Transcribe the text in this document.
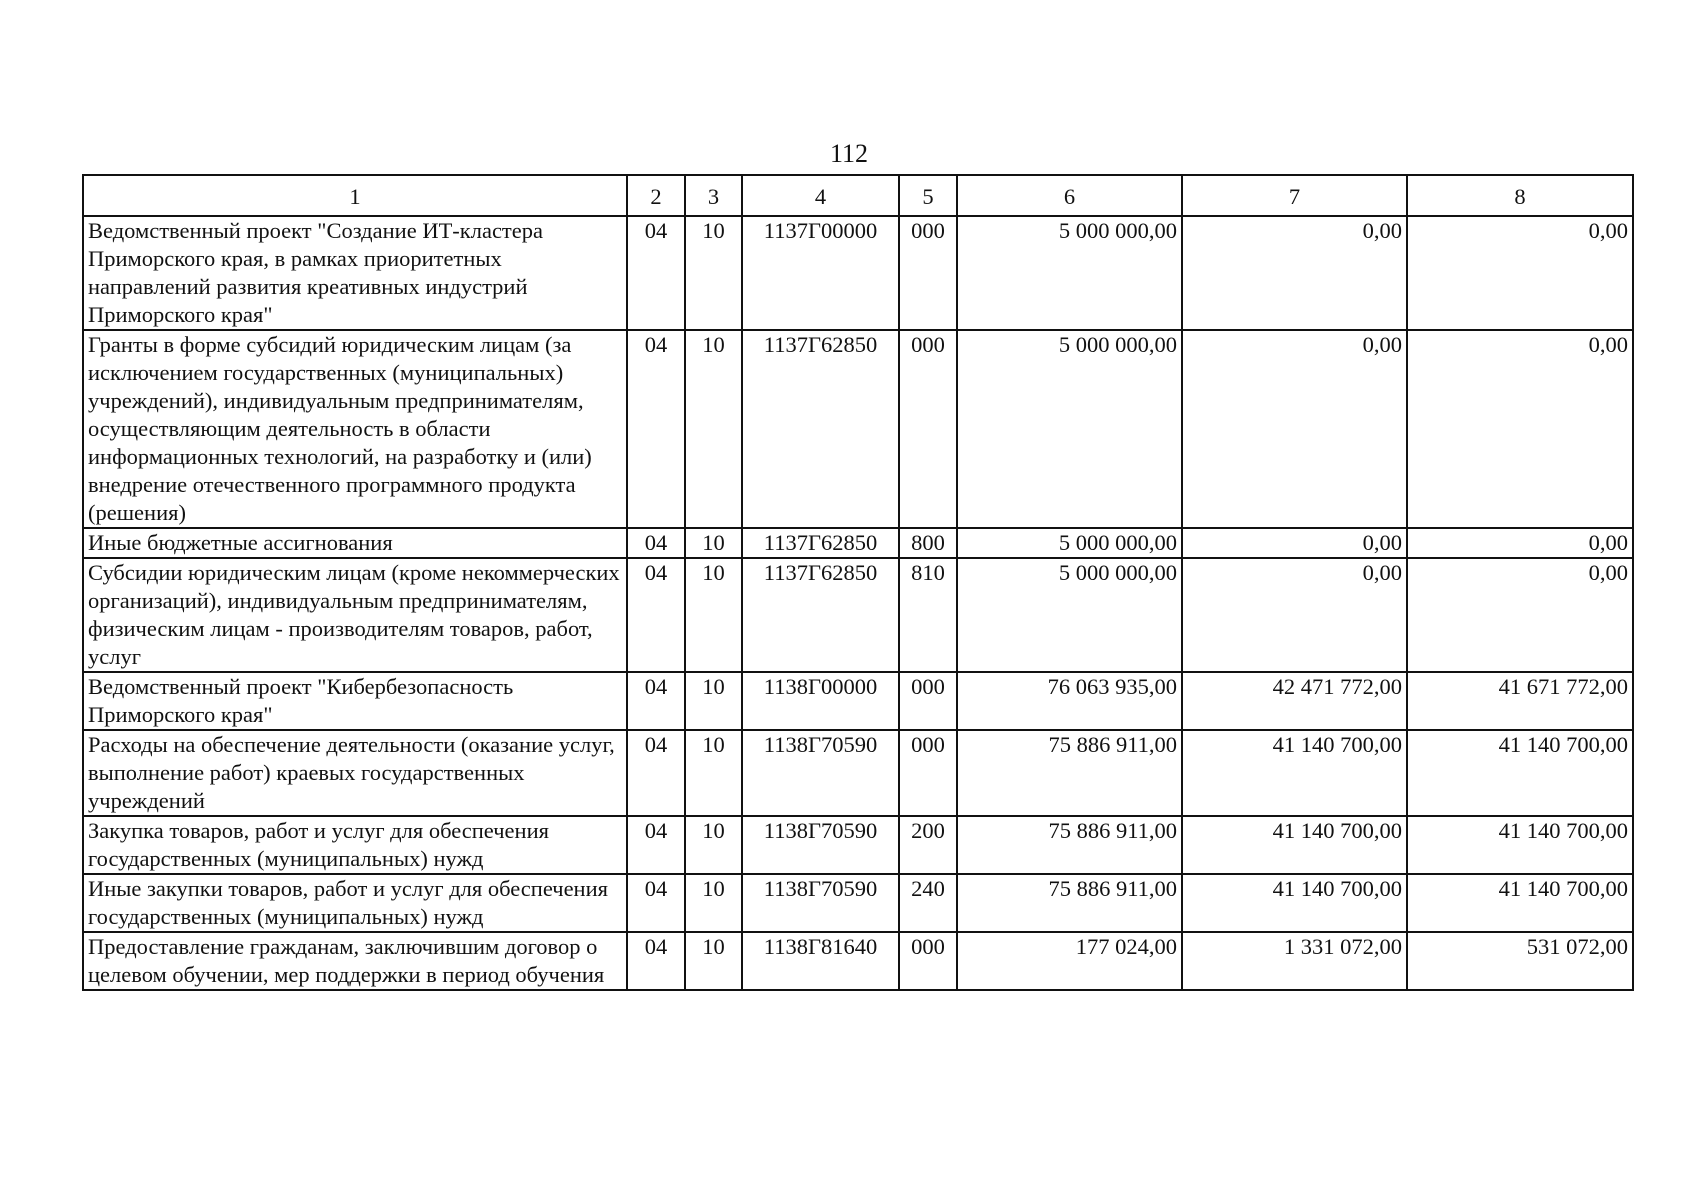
112
1	2	3	4	5	6	7	8
Ведомственный проект "Создание ИТ-кластера Приморского края, в рамках приоритетных направлений развития креативных индустрий Приморского края"	04	10	1137Г00000	000	5 000 000,00	0,00	0,00
Гранты в форме субсидий юридическим лицам (за исключением государственных (муниципальных) учреждений), индивидуальным предпринимателям, осуществляющим деятельность в области информационных технологий, на разработку и (или) внедрение отечественного программного продукта (решения)	04	10	1137Г62850	000	5 000 000,00	0,00	0,00
Иные бюджетные ассигнования	04	10	1137Г62850	800	5 000 000,00	0,00	0,00
Субсидии юридическим лицам (кроме некоммерческих организаций), индивидуальным предпринимателям, физическим лицам - производителям товаров, работ, услуг	04	10	1137Г62850	810	5 000 000,00	0,00	0,00
Ведомственный проект "Кибербезопасность Приморского края"	04	10	1138Г00000	000	76 063 935,00	42 471 772,00	41 671 772,00
Расходы на обеспечение деятельности (оказание услуг, выполнение работ) краевых государственных учреждений	04	10	1138Г70590	000	75 886 911,00	41 140 700,00	41 140 700,00
Закупка товаров, работ и услуг для обеспечения государственных (муниципальных) нужд	04	10	1138Г70590	200	75 886 911,00	41 140 700,00	41 140 700,00
Иные закупки товаров, работ и услуг для обеспечения государственных (муниципальных) нужд	04	10	1138Г70590	240	75 886 911,00	41 140 700,00	41 140 700,00
Предоставление гражданам, заключившим договор о целевом обучении, мер поддержки в период обучения	04	10	1138Г81640	000	177 024,00	1 331 072,00	531 072,00
